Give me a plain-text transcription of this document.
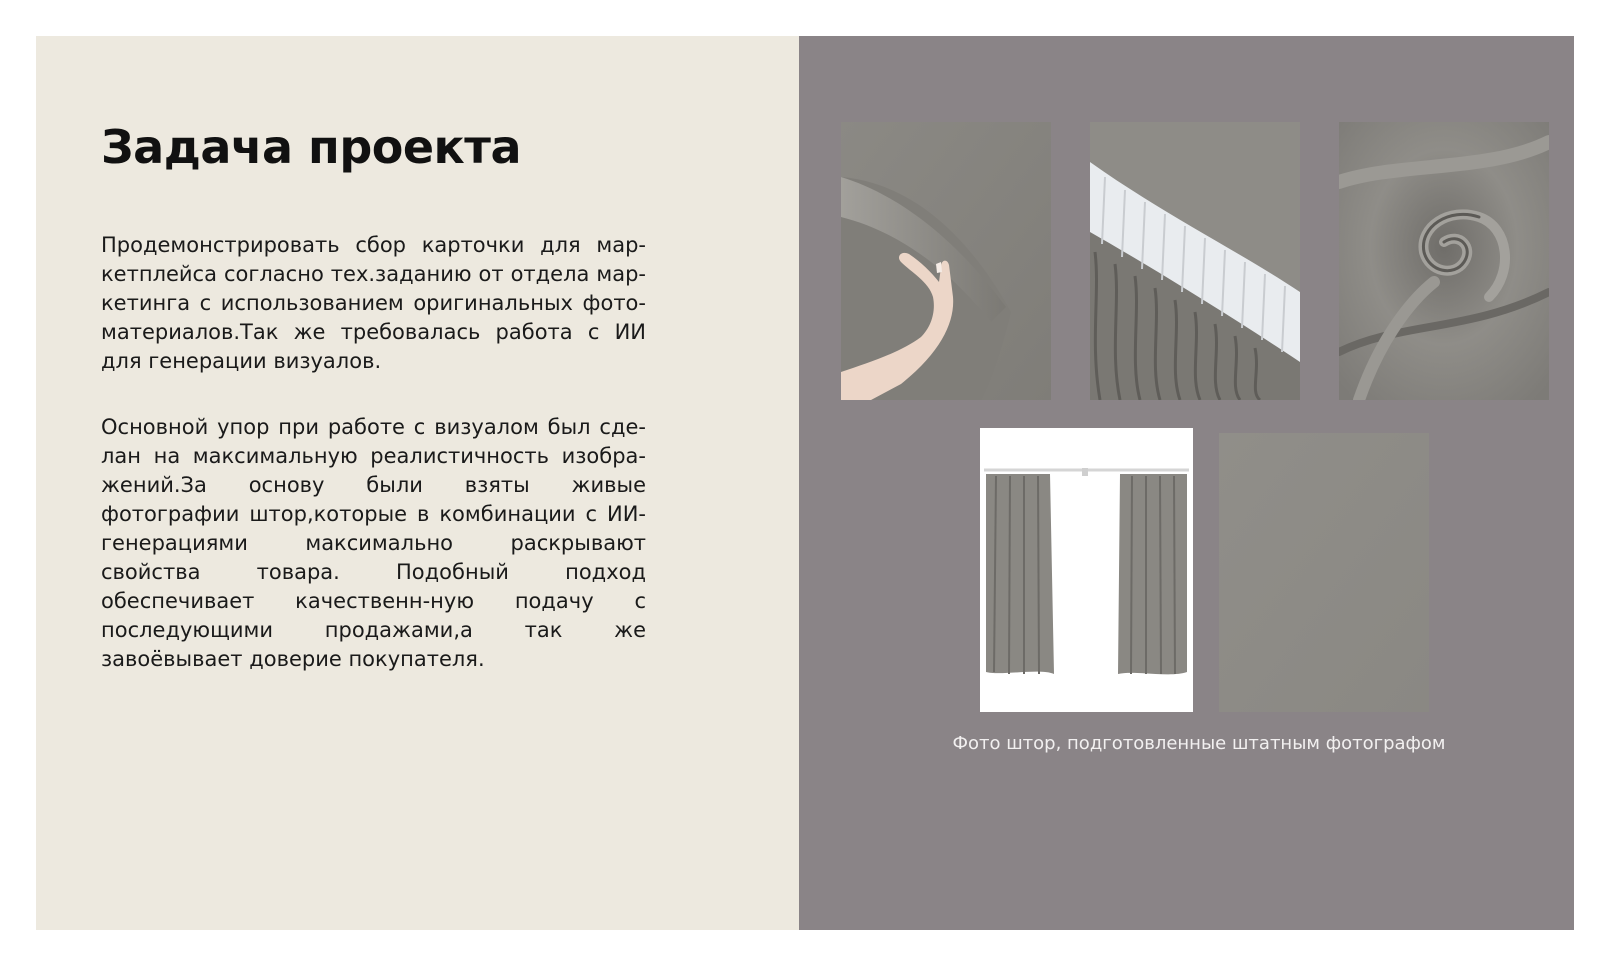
Задача проекта

Продемонстрировать сбор карточки для мар-кетплейса согласно тех.заданию от отдела мар-кетинга с использованием оригинальных фото-материалов.Так же требовалась работа с ИИ для генерации визуалов.

Основной упор при работе с визуалом был сде-лан на максимальную реалистичность изобра-жений.За основу были взяты живые фотографии штор,которые в комбинации с ИИ-генерациями максимально раскрывают свойства товара. Подобный подход обеспечивает качественн-ную подачу с последующими продажами,а так же завоёвывает доверие покупателя.

Фото штор, подготовленные штатным фотографом
